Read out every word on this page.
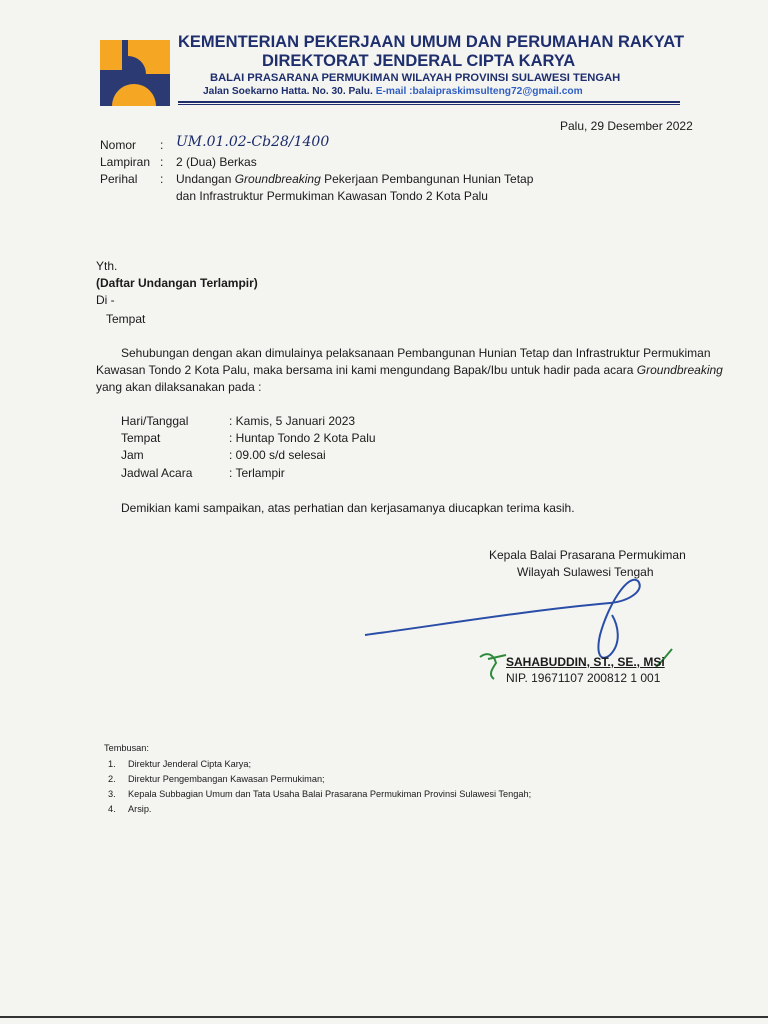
KEMENTERIAN PEKERJAAN UMUM DAN PERUMAHAN RAKYAT
DIREKTORAT JENDERAL CIPTA KARYA
BALAI PRASARANA PERMUKIMAN WILAYAH PROVINSI SULAWESI TENGAH
Jalan Soekarno Hatta. No. 30. Palu. E-mail :balaipraskimsulteng72@gmail.com
Palu, 29 Desember 2022
Nomor : UM.01.02-Cb28/1400
Lampiran : 2 (Dua) Berkas
Perihal : Undangan Groundbreaking Pekerjaan Pembangunan Hunian Tetap
dan Infrastruktur Permukiman Kawasan Tondo 2 Kota Palu
Yth.
(Daftar Undangan Terlampir)
Di -
Tempat
Sehubungan dengan akan dimulainya pelaksanaan Pembangunan Hunian Tetap dan Infrastruktur Permukiman
Kawasan Tondo 2 Kota Palu, maka bersama ini kami mengundang Bapak/Ibu untuk hadir pada acara Groundbreaking
yang akan dilaksanakan pada :
Hari/Tanggal	: Kamis, 5 Januari 2023
Tempat	: Huntap Tondo 2 Kota Palu
Jam	: 09.00 s/d selesai
Jadwal Acara	: Terlampir
Demikian kami sampaikan, atas perhatian dan kerjasamanya diucapkan terima kasih.
Kepala Balai Prasarana Permukiman
Wilayah Sulawesi Tengah
SAHABUDDIN, ST., SE., MSi
NIP. 19671107 200812 1 001
Tembusan:
1. Direktur Jenderal Cipta Karya;
2. Direktur Pengembangan Kawasan Permukiman;
3. Kepala Subbagian Umum dan Tata Usaha Balai Prasarana Permukiman Provinsi Sulawesi Tengah;
4. Arsip.
